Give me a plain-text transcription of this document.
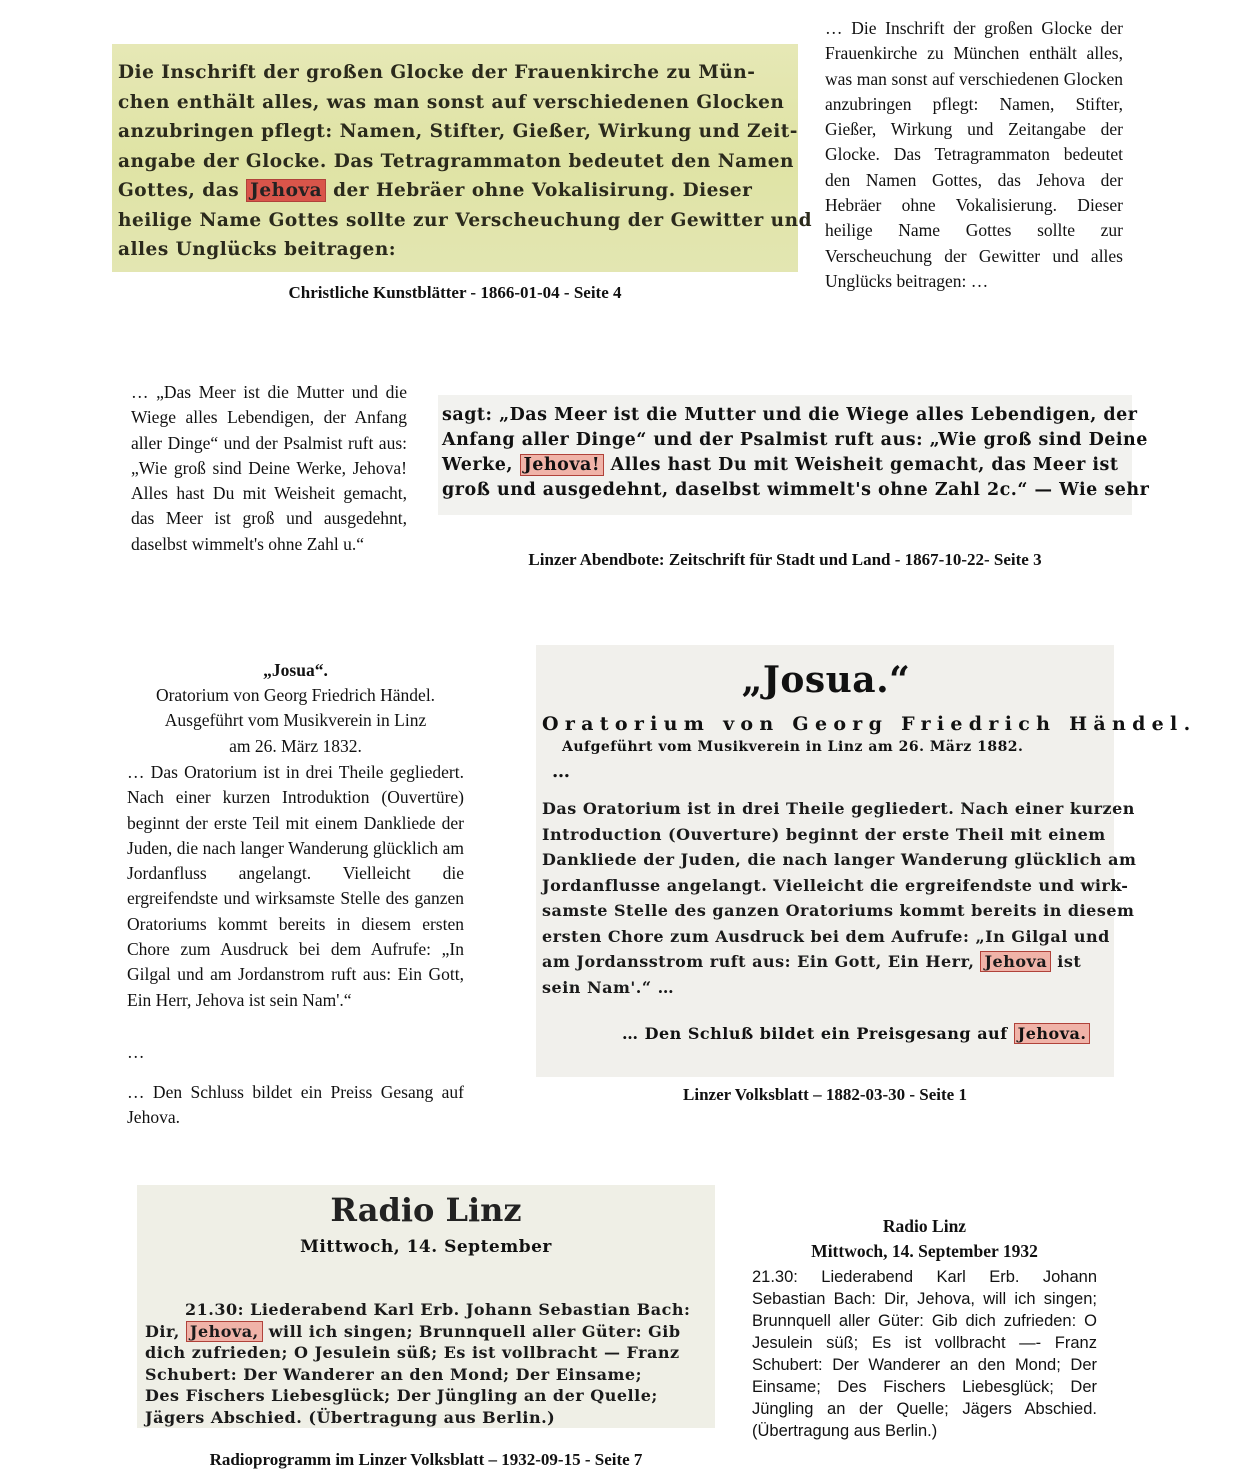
Die Inschrift der großen Glocke der Frauenkirche zu Mün-
chen enthält alles, was man sonst auf verschiedenen Glocken
anzubringen pflegt: Namen, Stifter, Gießer, Wirkung und Zeit-
angabe der Glocke. Das Tetragrammaton bedeutet den Namen
Gottes, das Jehova der Hebräer ohne Vokalisirung. Dieser
heilige Name Gottes sollte zur Verscheuchung der Gewitter und
alles Unglücks beitragen:
Christliche Kunstblätter - 1866-01-04 - Seite 4
… Die Inschrift der großen Glocke der Frauenkirche zu München enthält alles, was man sonst auf verschiedenen Glocken anzubringen pflegt: Namen, Stifter, Gießer, Wirkung und Zeitangabe der Glocke. Das Tetragrammaton bedeutet den Namen Gottes, das Jehova der Hebräer ohne Vokalisierung. Dieser heilige Name Gottes sollte zur Verscheuchung der Gewitter und alles Unglücks beitragen: …
… „Das Meer ist die Mutter und die Wiege alles Lebendigen, der Anfang aller Dinge“ und der Psalmist ruft aus: „Wie groß sind Deine Werke, Jehova! Alles hast Du mit Weisheit gemacht, das Meer ist groß und ausgedehnt, daselbst wimmelt's ohne Zahl u.“
sagt: „Das Meer ist die Mutter und die Wiege alles Lebendigen, der
Anfang aller Dinge“ und der Psalmist ruft aus: „Wie groß sind Deine
Werke, Jehova! Alles hast Du mit Weisheit gemacht, das Meer ist
groß und ausgedehnt, daselbst wimmelt's ohne Zahl 2c.“ — Wie sehr
Linzer Abendbote: Zeitschrift für Stadt und Land - 1867-10-22- Seite 3
„Josua“.
Oratorium von Georg Friedrich Händel.
Ausgeführt vom Musikverein in Linz
am 26. März 1832.
… Das Oratorium ist in drei Theile gegliedert. Nach einer kurzen Introduktion (Ouvertüre) beginnt der erste Teil mit einem Dankliede der Juden, die nach langer Wanderung glücklich am Jordanfluss angelangt. Vielleicht die ergreifendste und wirksamste Stelle des ganzen Oratoriums kommt bereits in diesem ersten Chore zum Ausdruck bei dem Aufrufe: „In Gilgal und am Jordanstrom ruft aus: Ein Gott, Ein Herr, Jehova ist sein Nam'.“
…
… Den Schluss bildet ein Preiss Gesang auf Jehova.
„Josua.“
Oratorium von Georg Friedrich Händel.
Aufgeführt vom Musikverein in Linz am 26. März 1882.
…
Das Oratorium ist in drei Theile gegliedert. Nach einer kurzen
Introduction (Ouverture) beginnt der erste Theil mit einem
Dankliede der Juden, die nach langer Wanderung glücklich am
Jordanflusse angelangt. Vielleicht die ergreifendste und wirk-
samste Stelle des ganzen Oratoriums kommt bereits in diesem
ersten Chore zum Ausdruck bei dem Aufrufe: „In Gilgal und
am Jordansstrom ruft aus: Ein Gott, Ein Herr, Jehova ist
sein Nam'.“ …
… Den Schluß bildet ein Preisgesang auf Jehova.
Linzer Volksblatt – 1882-03-30 - Seite 1
Radio Linz
Mittwoch, 14. September
21.30: Liederabend Karl Erb. Johann Sebastian Bach:
Dir, Jehova, will ich singen; Brunnquell aller Güter: Gib
dich zufrieden; O Jesulein süß; Es ist vollbracht — Franz
Schubert: Der Wanderer an den Mond; Der Einsame;
Des Fischers Liebesglück; Der Jüngling an der Quelle;
Jägers Abschied. (Übertragung aus Berlin.)
Radioprogramm im Linzer Volksblatt – 1932-09-15 - Seite 7
Radio Linz
Mittwoch, 14. September 1932
21.30: Liederabend Karl Erb. Johann Sebastian Bach: Dir, Jehova, will ich singen; Brunnquell aller Güter: Gib dich zufrieden: O Jesulein süß; Es ist vollbracht —- Franz Schubert: Der Wanderer an den Mond; Der Einsame; Des Fischers Liebesglück; Der Jüngling an der Quelle; Jägers Abschied. (Übertragung aus Berlin.)
